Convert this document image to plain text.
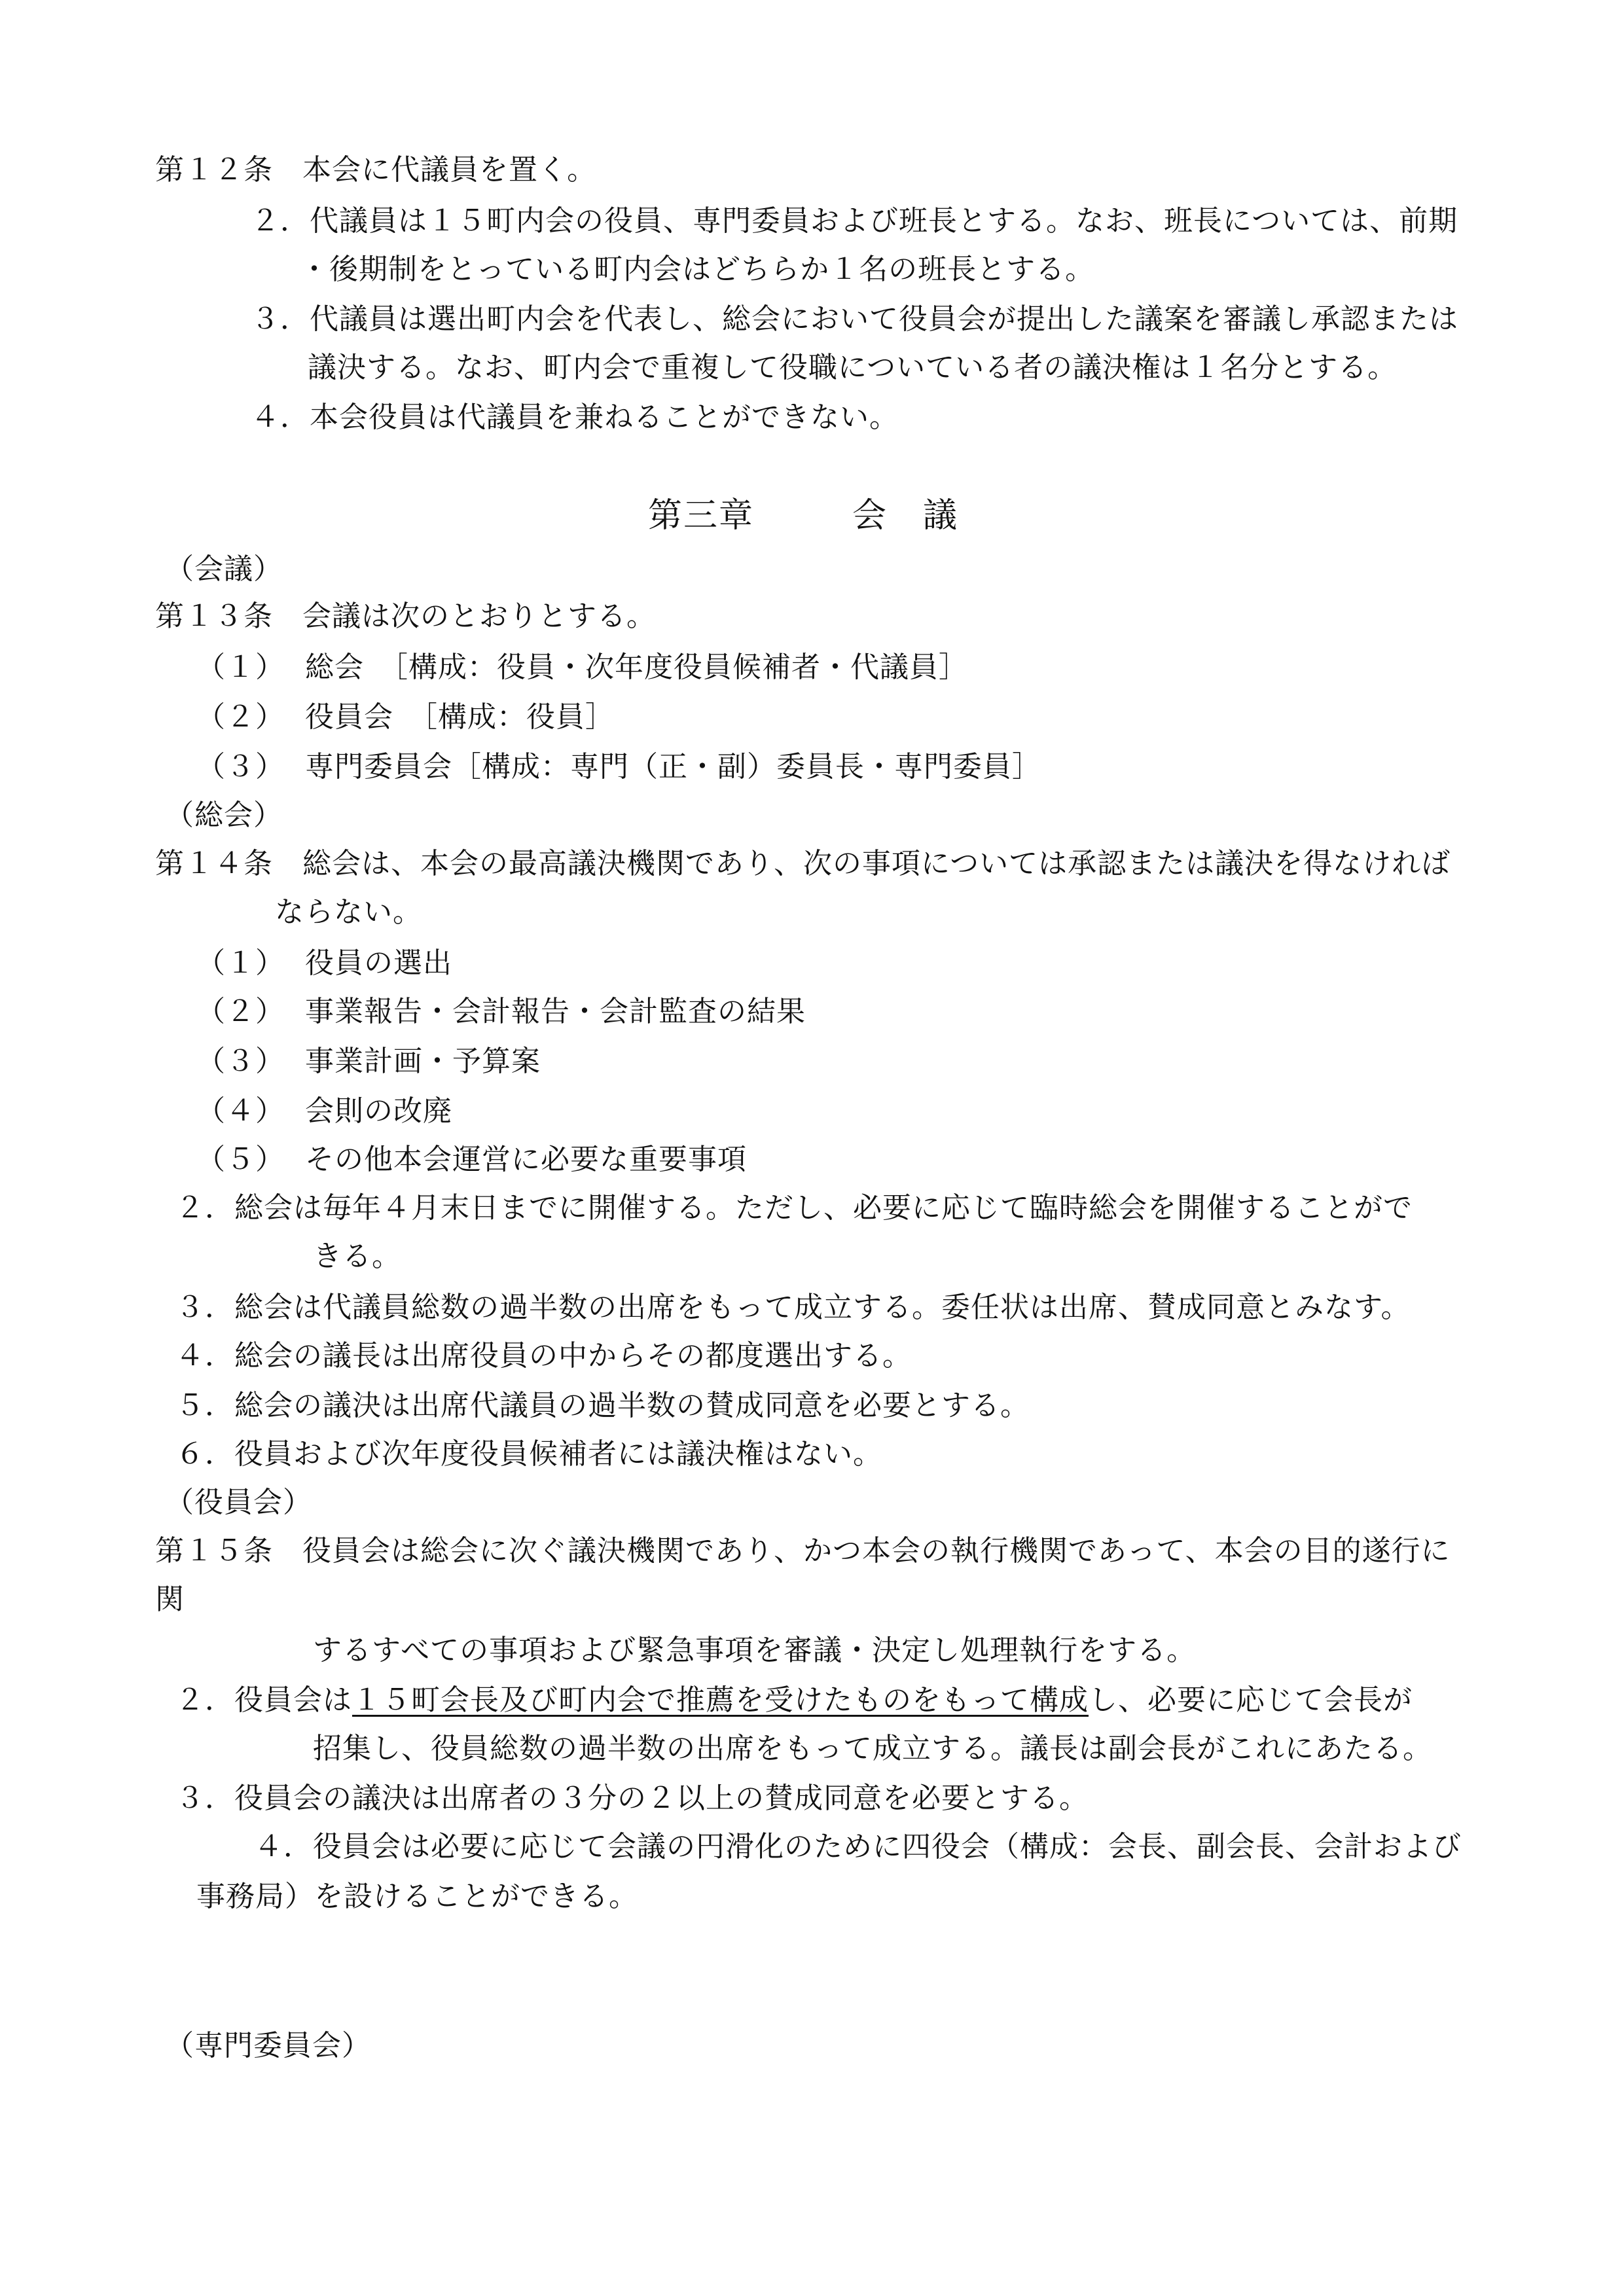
第１２条　本会に代議員を置く。
２．代議員は１５町内会の役員、専門委員および班長とする。なお、班長については、前期
・後期制をとっている町内会はどちらか１名の班長とする。
３．代議員は選出町内会を代表し、総会において役員会が提出した議案を審議し承認または
議決する。なお、町内会で重複して役職についている者の議決権は１名分とする。
４．本会役員は代議員を兼ねることができない。
第三章	会　議
（会議）
第１３条　会議は次のとおりとする。
（１） 総会　［構成：役員・次年度役員候補者・代議員］
（２） 役員会　［構成：役員］
（３） 専門委員会［構成：専門（正・副）委員長・専門委員］
（総会）
第１４条　総会は、本会の最高議決機関であり、次の事項については承認または議決を得なければ
ならない。
（１） 役員の選出
（２） 事業報告・会計報告・会計監査の結果
（３） 事業計画・予算案
（４） 会則の改廃
（５） その他本会運営に必要な重要事項
２．総会は毎年４月末日までに開催する。ただし、必要に応じて臨時総会を開催することがで
きる。
３．総会は代議員総数の過半数の出席をもって成立する。委任状は出席、賛成同意とみなす。
４．総会の議長は出席役員の中からその都度選出する。
５．総会の議決は出席代議員の過半数の賛成同意を必要とする。
６．役員および次年度役員候補者には議決権はない。
（役員会）
第１５条　役員会は総会に次ぐ議決機関であり、かつ本会の執行機関であって、本会の目的遂行に
関
するすべての事項および緊急事項を審議・決定し処理執行をする。
２．役員会は１５町会長及び町内会で推薦を受けたものをもって構成し、必要に応じて会長が
招集し、役員総数の過半数の出席をもって成立する。議長は副会長がこれにあたる。
３．役員会の議決は出席者の３分の２以上の賛成同意を必要とする。
４．役員会は必要に応じて会議の円滑化のために四役会（構成：会長、副会長、会計および
事務局）を設けることができる。
（専門委員会）
